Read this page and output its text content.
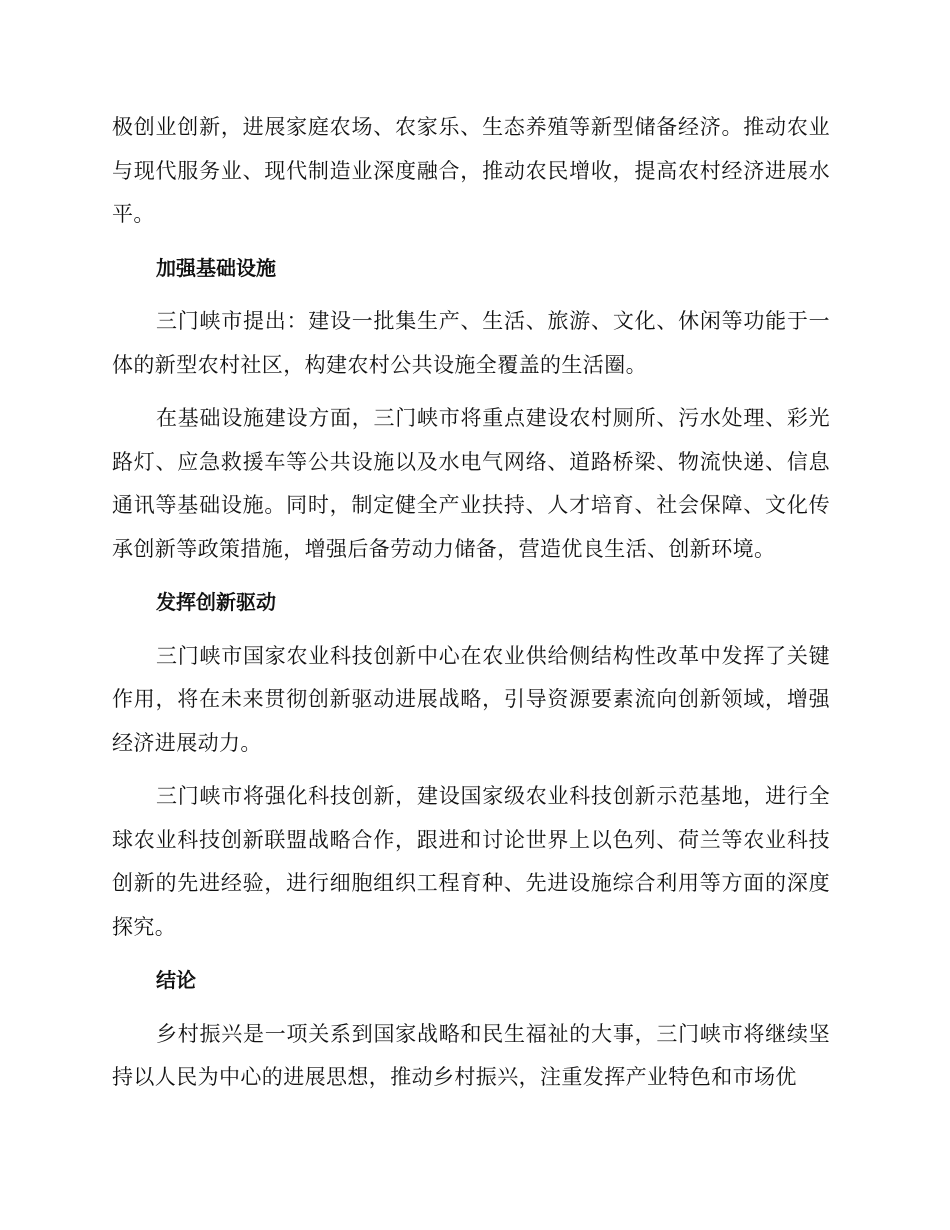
极创业创新，进展家庭农场、农家乐、生态养殖等新型储备经济。推动农业与现代服务业、现代制造业深度融合，推动农民增收，提高农村经济进展水平。

加强基础设施

三门峡市提出：建设一批集生产、生活、旅游、文化、休闲等功能于一体的新型农村社区，构建农村公共设施全覆盖的生活圈。

在基础设施建设方面，三门峡市将重点建设农村厕所、污水处理、彩光路灯、应急救援车等公共设施以及水电气网络、道路桥梁、物流快递、信息通讯等基础设施。同时，制定健全产业扶持、人才培育、社会保障、文化传承创新等政策措施，增强后备劳动力储备，营造优良生活、创新环境。

发挥创新驱动

三门峡市国家农业科技创新中心在农业供给侧结构性改革中发挥了关键作用，将在未来贯彻创新驱动进展战略，引导资源要素流向创新领域，增强经济进展动力。

三门峡市将强化科技创新，建设国家级农业科技创新示范基地，进行全球农业科技创新联盟战略合作，跟进和讨论世界上以色列、荷兰等农业科技创新的先进经验，进行细胞组织工程育种、先进设施综合利用等方面的深度探究。

结论

乡村振兴是一项关系到国家战略和民生福祉的大事，三门峡市将继续坚持以人民为中心的进展思想，推动乡村振兴，注重发挥产业特色和市场优
